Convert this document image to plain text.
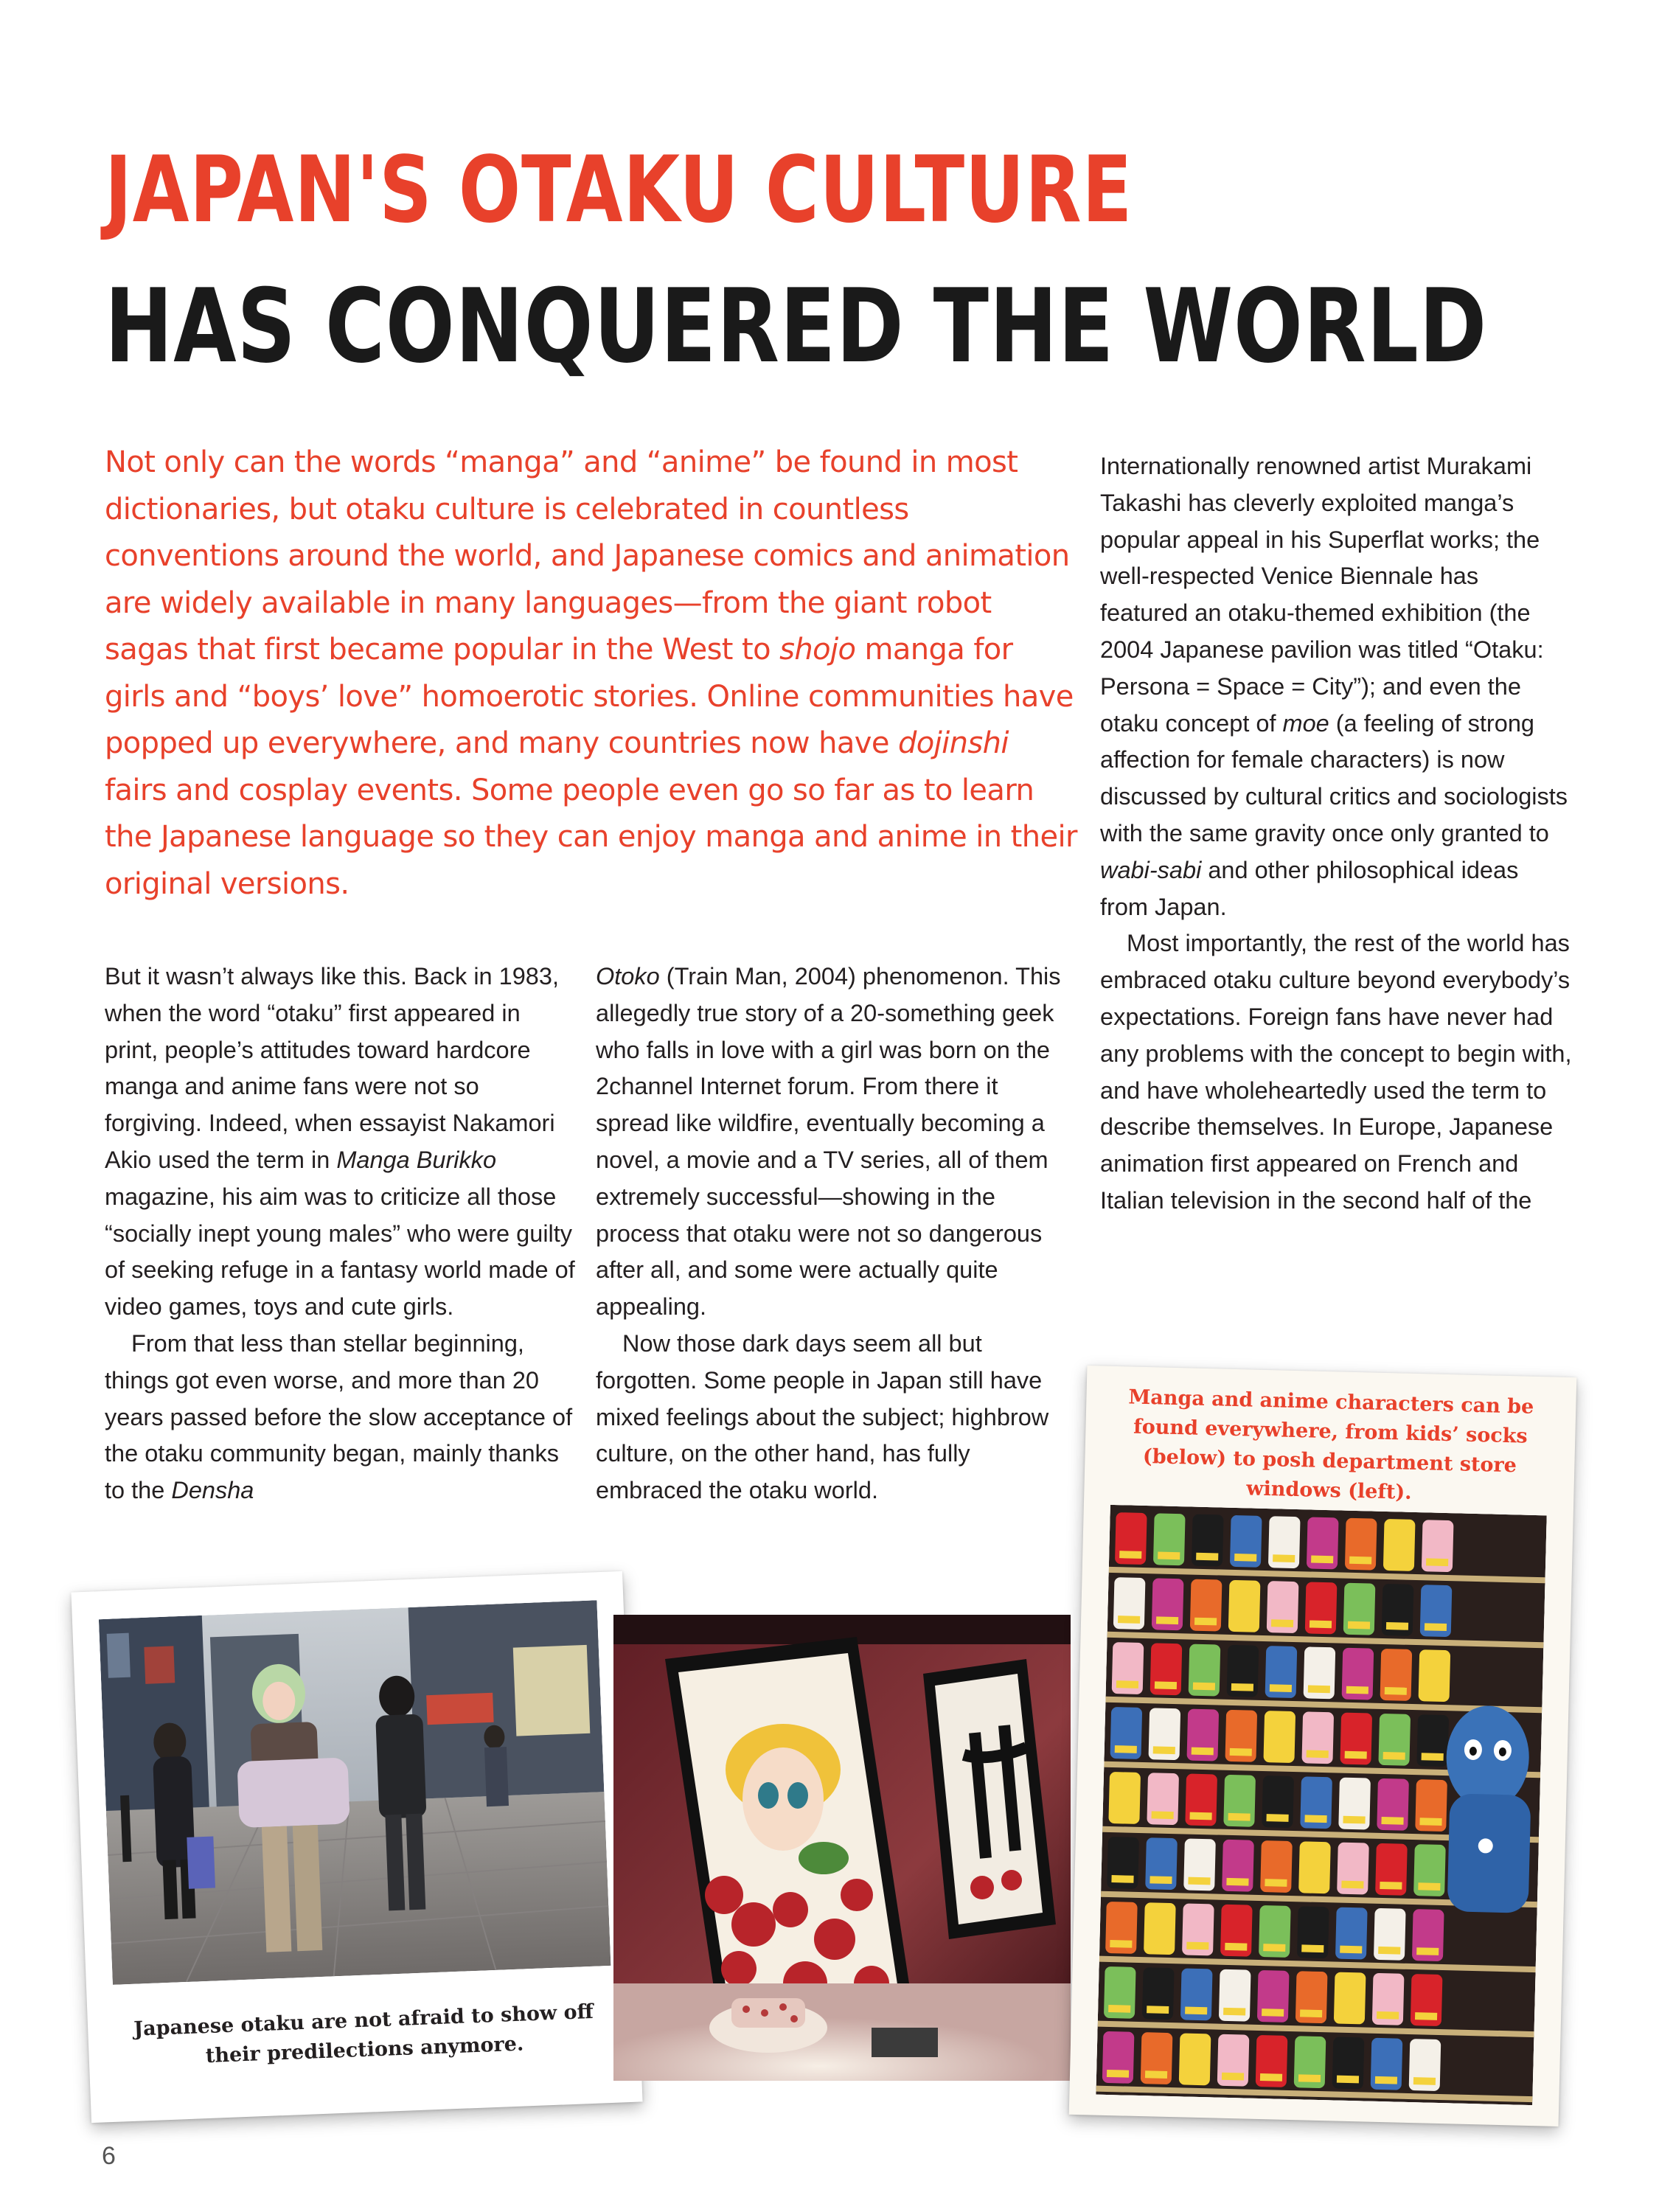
JAPAN'S OTAKU CULTURE
HAS CONQUERED THE WORLD

Not only can the words “manga” and “anime” be found in most dictionaries, but otaku culture is celebrated in countless conventions around the world, and Japanese comics and animation are widely available in many languages—from the giant robot sagas that first became popular in the West to shojo manga for girls and “boys’ love” homoerotic stories. Online communities have popped up everywhere, and many countries now have dojinshi fairs and cosplay events. Some people even go so far as to learn the Japanese language so they can enjoy manga and anime in their original versions.

But it wasn’t always like this. Back in 1983, when the word “otaku” first appeared in print, people’s attitudes toward hardcore manga and anime fans were not so forgiving. Indeed, when essayist Nakamori Akio used the term in Manga Burikko magazine, his aim was to criticize all those “socially inept young males” who were guilty of seeking refuge in a fantasy world made of video games, toys and cute girls.

From that less than stellar beginning, things got even worse, and more than 20 years passed before the slow acceptance of the otaku community began, mainly thanks to the Densha

Otoko (Train Man, 2004) phenomenon. This allegedly true story of a 20-something geek who falls in love with a girl was born on the 2channel Internet forum. From there it spread like wildfire, eventually becoming a novel, a movie and a TV series, all of them extremely successful—showing in the process that otaku were not so dangerous after all, and some were actually quite appealing.

Now those dark days seem all but forgotten. Some people in Japan still have mixed feelings about the subject; highbrow culture, on the other hand, has fully embraced the otaku world.

Internationally renowned artist Murakami Takashi has cleverly exploited manga’s popular appeal in his Superflat works; the well-respected Venice Biennale has featured an otaku-themed exhibition (the 2004 Japanese pavilion was titled “Otaku: Persona = Space = City”); and even the otaku concept of moe (a feeling of strong affection for female characters) is now discussed by cultural critics and sociologists with the same gravity once only granted to wabi-sabi and other philosophical ideas from Japan.

Most importantly, the rest of the world has embraced otaku culture beyond everybody’s expectations. Foreign fans have never had any problems with the concept to begin with, and have wholeheartedly used the term to describe themselves. In Europe, Japanese animation first appeared on French and Italian television in the second half of the

Japanese otaku are not afraid to show off their predilections anymore.

Manga and anime characters can be found everywhere, from kids’ socks (below) to posh department store windows (left).

6
